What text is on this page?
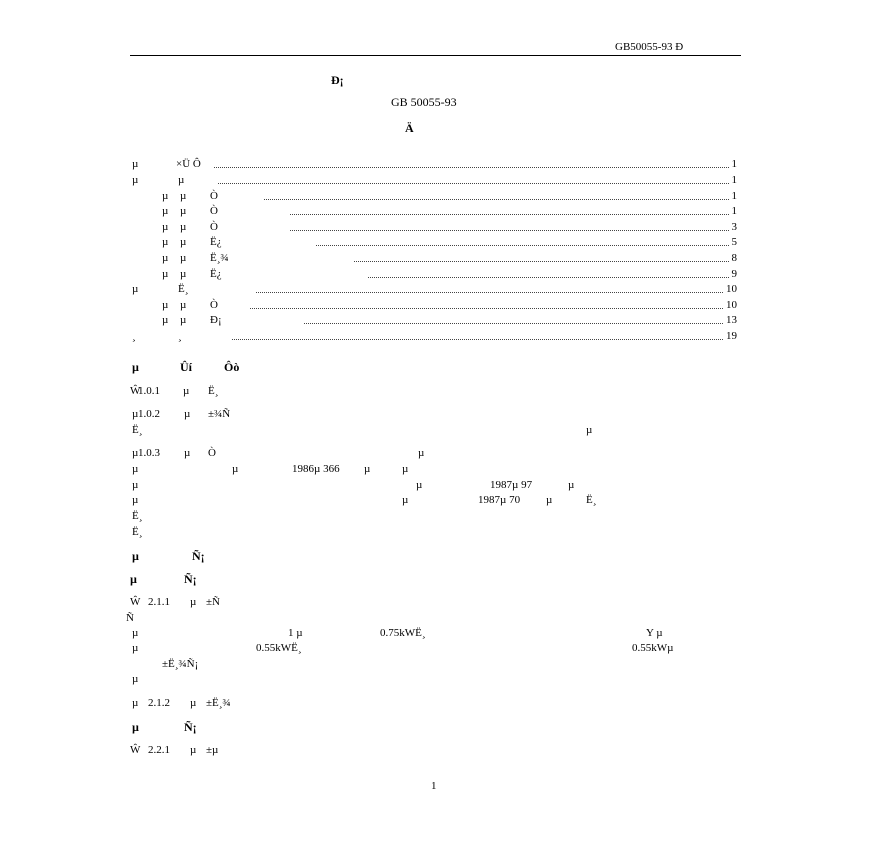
GB50055-93 Ð
Ð¡
GB 50055-93
Ä
µ	×Ü Ô	1
µ	µ	1
µ µ Ò	1
µ µ Ò	1
µ µ Ò	3
µ µ Ë¿	5
µ µ Ë¸¾	8
µ µ Ë¿	9
µ	Ë¸	10
µ µ Ò	10
µ µ Ð¡	13
¸	¸	19
µ	Ûí	Ôò
Ŵ
1.0.1 µ Ë¸
µ 1.0.2 µ ±¾Ñ
Ë¸	µ
µ 1.0.3 µ Ò	µ
µ	µ	1986µ 366 µ	µ
µ	µ	1987µ 97	µ
µ	µ	1987µ 70 µ	Ë¸
Ë¸
Ë¸
µ	Ñ¡
µ	Ñ¡
Ŵ 2.1.1 µ ±Ñ
Ñ
µ	1 µ	0.75kWË¸	Y µ
µ	0.55kWË¸	0.55kWµ
±Ë¸¾Ñ¡
µ
µ 2.1.2 µ ±Ë¸¾
µ	Ñ¡
Ŵ 2.2.1 µ ±µ
1
